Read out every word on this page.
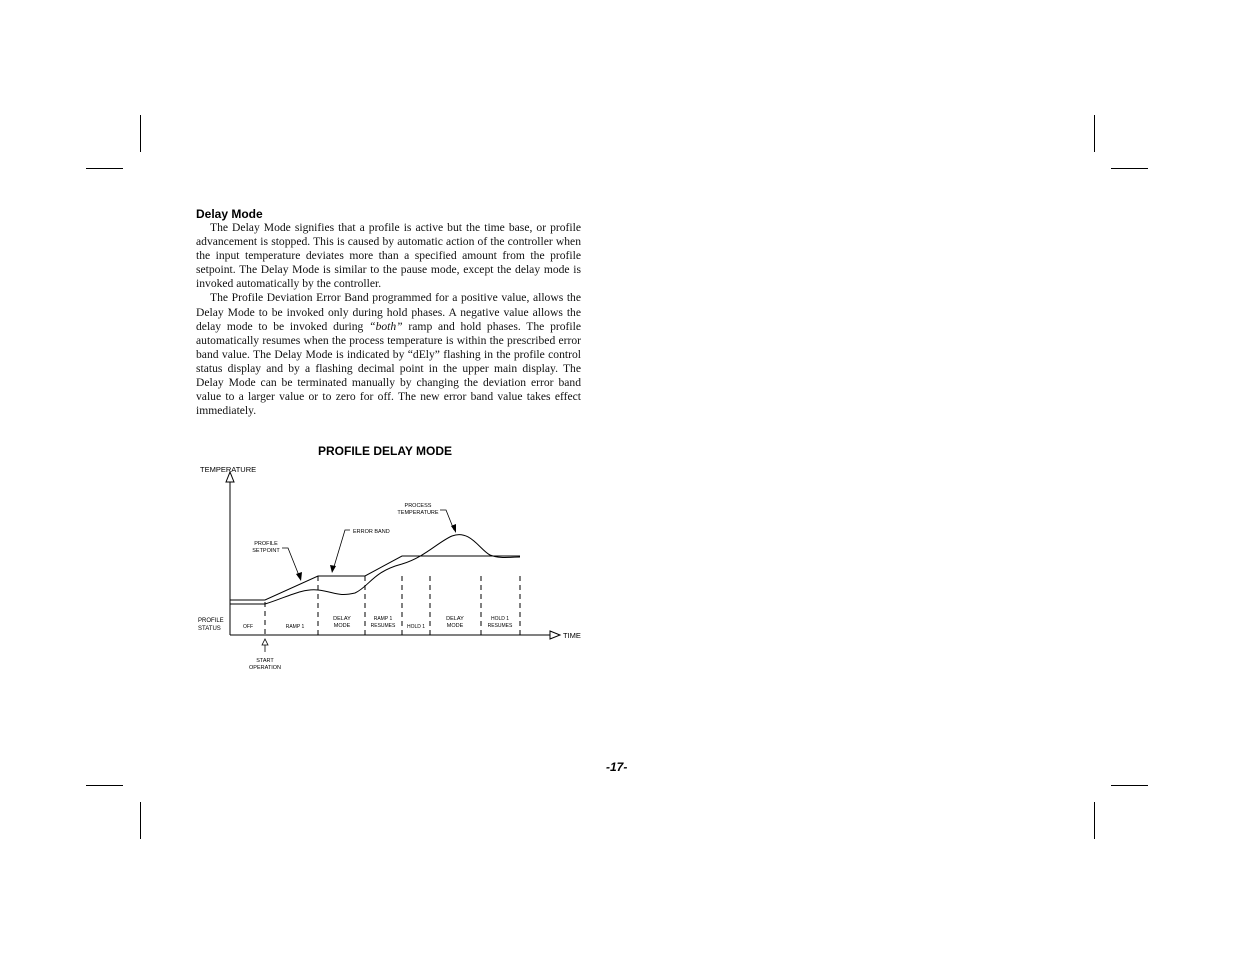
Delay Mode

The Delay Mode signifies that a profile is active but the time base, or profile advancement is stopped. This is caused by automatic action of the controller when the input temperature deviates more than a specified amount from the profile setpoint. The Delay Mode is similar to the pause mode, except the delay mode is invoked automatically by the controller.

The Profile Deviation Error Band programmed for a positive value, allows the Delay Mode to be invoked only during hold phases. A negative value allows the delay mode to be invoked during “both” ramp and hold phases. The profile automatically resumes when the process temperature is within the prescribed error band value. The Delay Mode is indicated by “dEly” flashing in the profile control status display and by a flashing decimal point in the upper main display. The Delay Mode can be terminated manually by changing the deviation error band value to a larger value or to zero for off. The new error band value takes effect immediately.

PROFILE DELAY MODE
TEMPERATURE
TIME
PROFILE
STATUS	OFF	RAMP 1
DELAY
MODE
RAMP 1
RESUMES HOLD 1
DELAY
MODE
HOLD 1
RESUMES
PROCESS
TEMPERATURE
ERROR BAND
PROFILE
SETPOINT
START
OPERATION
-17-
